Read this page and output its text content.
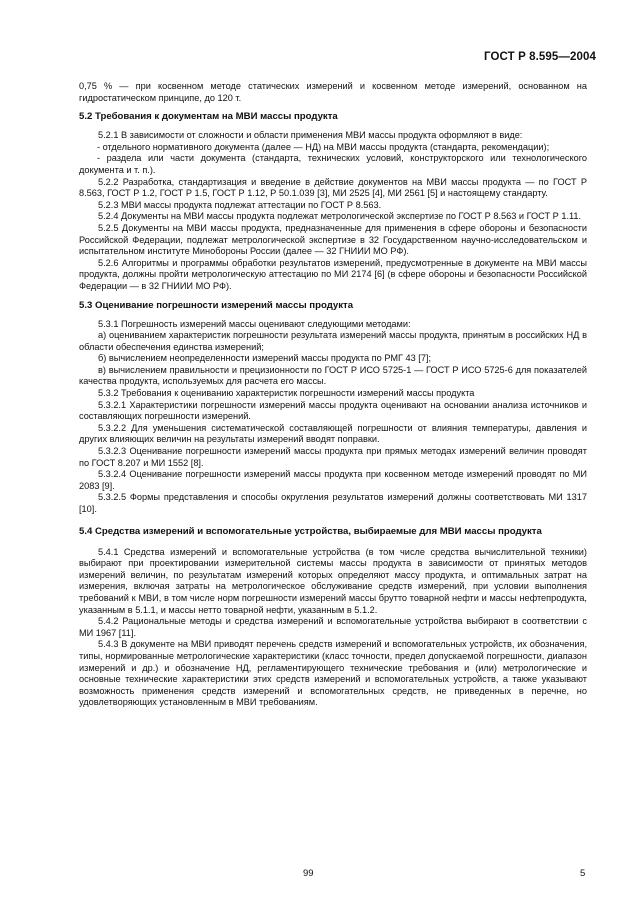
ГОСТ Р 8.595—2004

0,75 % — при косвенном методе статических измерений и косвенном методе измерений, основанном на гидростатическом принципе, до 120 т.

5.2 Требования к документам на МВИ массы продукта

5.2.1 В зависимости от сложности и области применения МВИ массы продукта оформляют в виде:

- отдельного нормативного документа (далее — НД) на МВИ массы продукта (стандарта, рекомендации);

- раздела или части документа (стандарта, технических условий, конструкторского или технологического документа и т. п.).

5.2.2 Разработка, стандартизация и введение в действие документов на МВИ массы продукта — по ГОСТ Р 8.563, ГОСТ Р 1.2, ГОСТ Р 1.5, ГОСТ Р 1.12, Р 50.1.039 [3], МИ 2525 [4], МИ 2561 [5] и настоящему стандарту.

5.2.3 МВИ массы продукта подлежат аттестации по ГОСТ Р 8.563.

5.2.4 Документы на МВИ массы продукта подлежат метрологической экспертизе по ГОСТ Р 8.563 и ГОСТ Р 1.11.

5.2.5 Документы на МВИ массы продукта, предназначенные для применения в сфере обороны и безопасности Российской Федерации, подлежат метрологической экспертизе в 32 Государственном научно-исследовательском и испытательном институте Минобороны России (далее — 32 ГНИИИ МО РФ).

5.2.6 Алгоритмы и программы обработки результатов измерений, предусмотренные в документе на МВИ массы продукта, должны пройти метрологическую аттестацию по МИ 2174 [6] (в сфере обороны и безопасности Российской Федерации — в 32 ГНИИИ МО РФ).

5.3 Оценивание погрешности измерений массы продукта

5.3.1 Погрешность измерений массы оценивают следующими методами:

а) оцениванием характеристик погрешности результата измерений массы продукта, принятым в российских НД в области обеспечения единства измерений;

б) вычислением неопределенности измерений массы продукта по РМГ 43 [7];

в) вычислением правильности и прецизионности по ГОСТ Р ИСО 5725-1 — ГОСТ Р ИСО 5725-6 для показателей качества продукта, используемых для расчета его массы.

5.3.2 Требования к оцениванию характеристик погрешности измерений массы продукта

5.3.2.1 Характеристики погрешности измерений массы продукта оценивают на основании анализа источников и составляющих погрешности измерений.

5.3.2.2 Для уменьшения систематической составляющей погрешности от влияния температуры, давления и других влияющих величин на результаты измерений вводят поправки.

5.3.2.3 Оценивание погрешности измерений массы продукта при прямых методах измерений величин проводят по ГОСТ 8.207 и МИ 1552 [8].

5.3.2.4 Оценивание погрешности измерений массы продукта при косвенном методе измерений проводят по МИ 2083 [9].

5.3.2.5 Формы представления и способы округления результатов измерений должны соответствовать МИ 1317 [10].

5.4 Средства измерений и вспомогательные устройства, выбираемые для МВИ массы продукта

5.4.1 Средства измерений и вспомогательные устройства (в том числе средства вычислительной техники) выбирают при проектировании измерительной системы массы продукта в зависимости от принятых методов измерений величин, по результатам измерений которых определяют массу продукта, и оптимальных затрат на измерения, включая затраты на метрологическое обслуживание средств измерений, при условии выполнения требований к МВИ, в том числе норм погрешности измерений массы брутто товарной нефти и массы нефтепродукта, указанным в 5.1.1, и массы нетто товарной нефти, указанным в 5.1.2.

5.4.2 Рациональные методы и средства измерений и вспомогательные устройства выбирают в соответствии с МИ 1967 [11].

5.4.3 В документе на МВИ приводят перечень средств измерений и вспомогательных устройств, их обозначения, типы, нормированные метрологические характеристики (класс точности, предел допускаемой погрешности, диапазон измерений и др.) и обозначение НД, регламентирующего технические требования и (или) метрологические и основные технические характеристики этих средств измерений и вспомогательных устройств, а также указывают возможность применения средств измерений и вспомогательных средств, не приведенных в перечне, но удовлетворяющих установленным в МВИ требованиям.

99	5
